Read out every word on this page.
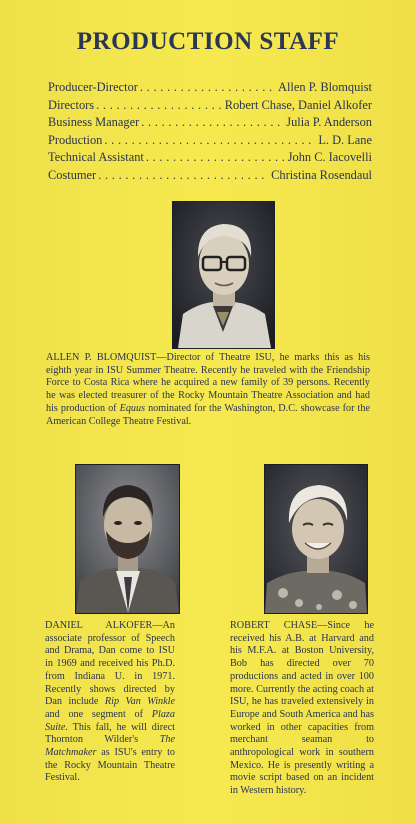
PRODUCTION STAFF
Producer-Director . . .	Allen P. Blomquist
Directors . . .	Robert Chase, Daniel Alkofer
Business Manager . . .	Julia P. Anderson
Production . . .	L. D. Lane
Technical Assistant . . .	John C. Iacovelli
Costumer . . .	Christina Rosendaul
ALLEN P. BLOMQUIST—Director of Theatre ISU, he marks this as his eighth year in ISU Summer Theatre. Recently he traveled with the Friendship Force to Costa Rica where he acquired a new family of 39 persons. Recently he was elected treasurer of the Rocky Mountain Theatre Association and had his production of Equus nominated for the Washington, D.C. showcase for the American College Theatre Festival.
DANIEL ALKOFER—An associate professor of Speech and Drama, Dan come to ISU in 1969 and received his Ph.D. from Indiana U. in 1971. Recently shows directed by Dan include Rip Van Winkle and one segment of Plaza Suite. This fall, he will direct Thornton Wilder's The Matchmaker as ISU's entry to the Rocky Mountain Theatre Festival.
ROBERT CHASE—Since he received his A.B. at Harvard and his M.F.A. at Boston University, Bob has directed over 70 productions and acted in over 100 more. Currently the acting coach at ISU, he has traveled extensively in Europe and South America and has worked in other capacities from merchant seaman to anthropological work in southern Mexico. He is presently writing a movie script based on an incident in Western history.
